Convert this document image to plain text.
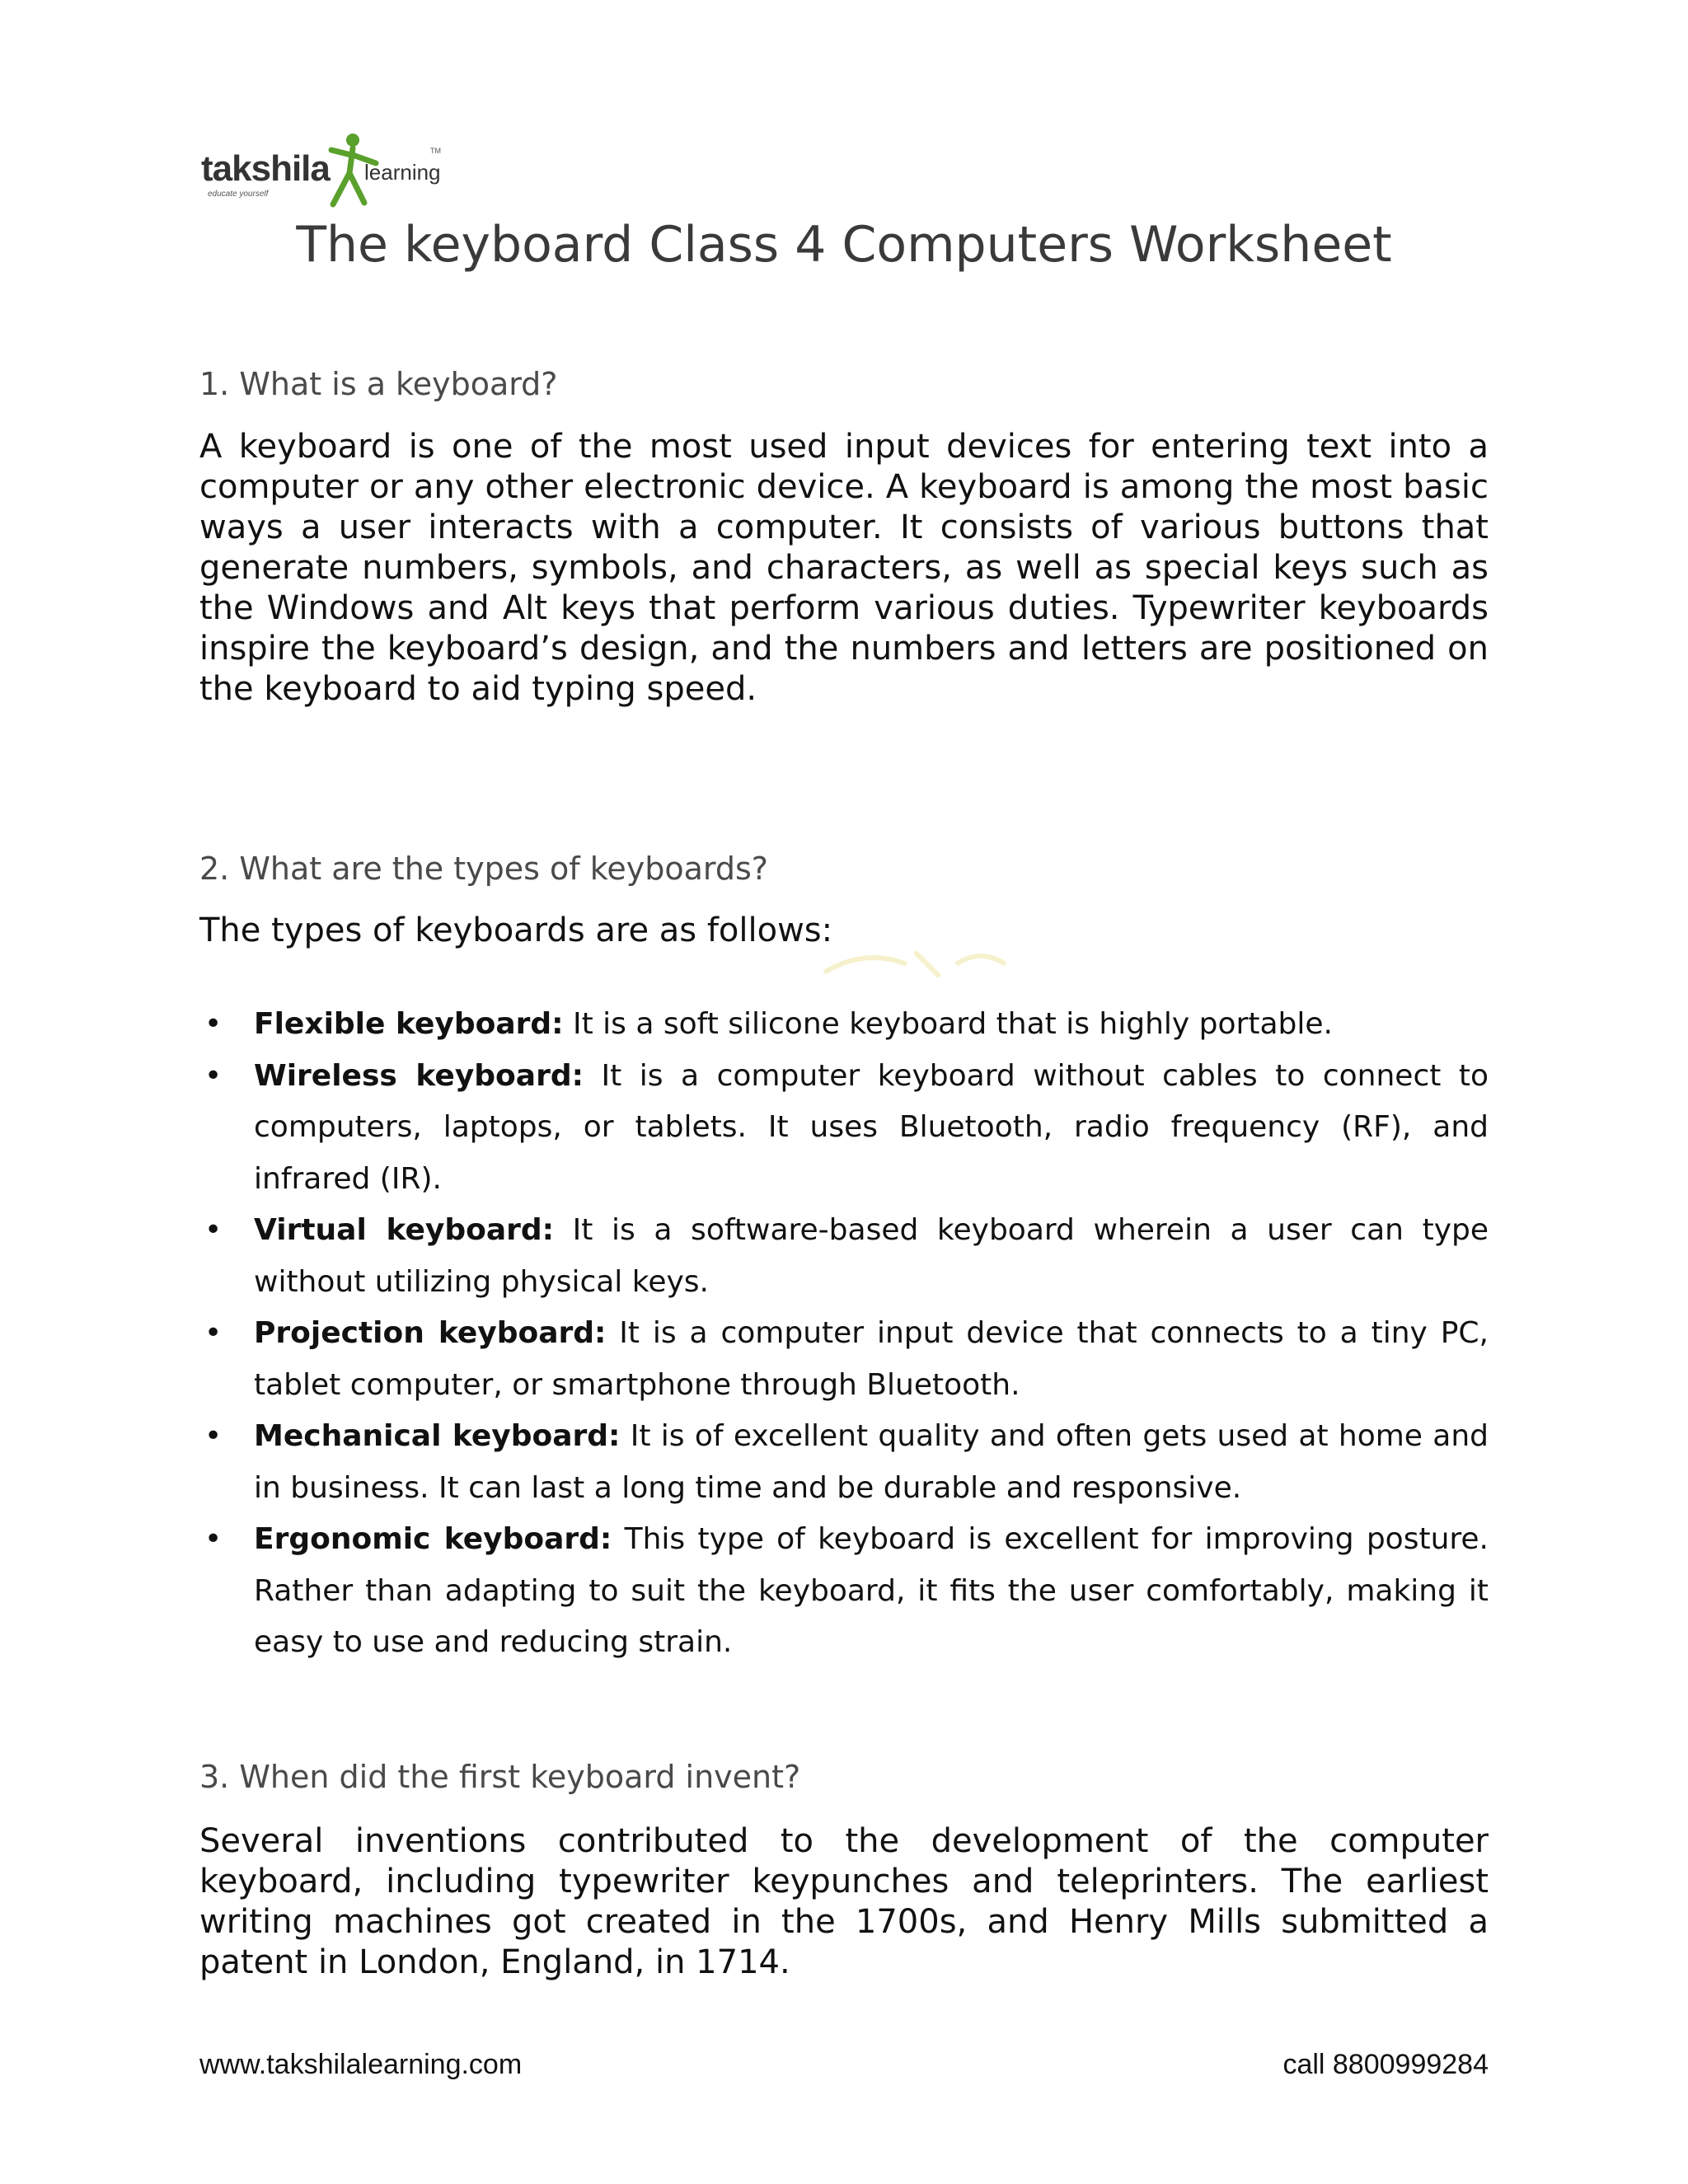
takshila learning
TM
educate yourself
The keyboard Class 4 Computers Worksheet
1. What is a keyboard?
A keyboard is one of the most used input devices for entering text into a computer or any other electronic device. A keyboard is among the most basic ways a user interacts with a computer. It consists of various buttons that generate numbers, symbols, and characters, as well as special keys such as the Windows and Alt keys that perform various duties. Typewriter keyboards inspire the keyboard’s design, and the numbers and letters are positioned on the keyboard to aid typing speed.
2. What are the types of keyboards?
The types of keyboards are as follows:
• Flexible keyboard: It is a soft silicone keyboard that is highly portable.
• Wireless keyboard: It is a computer keyboard without cables to connect to computers, laptops, or tablets. It uses Bluetooth, radio frequency (RF), and infrared (IR).
• Virtual keyboard: It is a software-based keyboard wherein a user can type without utilizing physical keys.
• Projection keyboard: It is a computer input device that connects to a tiny PC, tablet computer, or smartphone through Bluetooth.
• Mechanical keyboard: It is of excellent quality and often gets used at home and in business. It can last a long time and be durable and responsive.
• Ergonomic keyboard: This type of keyboard is excellent for improving posture. Rather than adapting to suit the keyboard, it fits the user comfortably, making it easy to use and reducing strain.
3. When did the first keyboard invent?
Several inventions contributed to the development of the computer keyboard, including typewriter keypunches and teleprinters. The earliest writing machines got created in the 1700s, and Henry Mills submitted a patent in London, England, in 1714.
www.takshilalearning.com	call 8800999284
